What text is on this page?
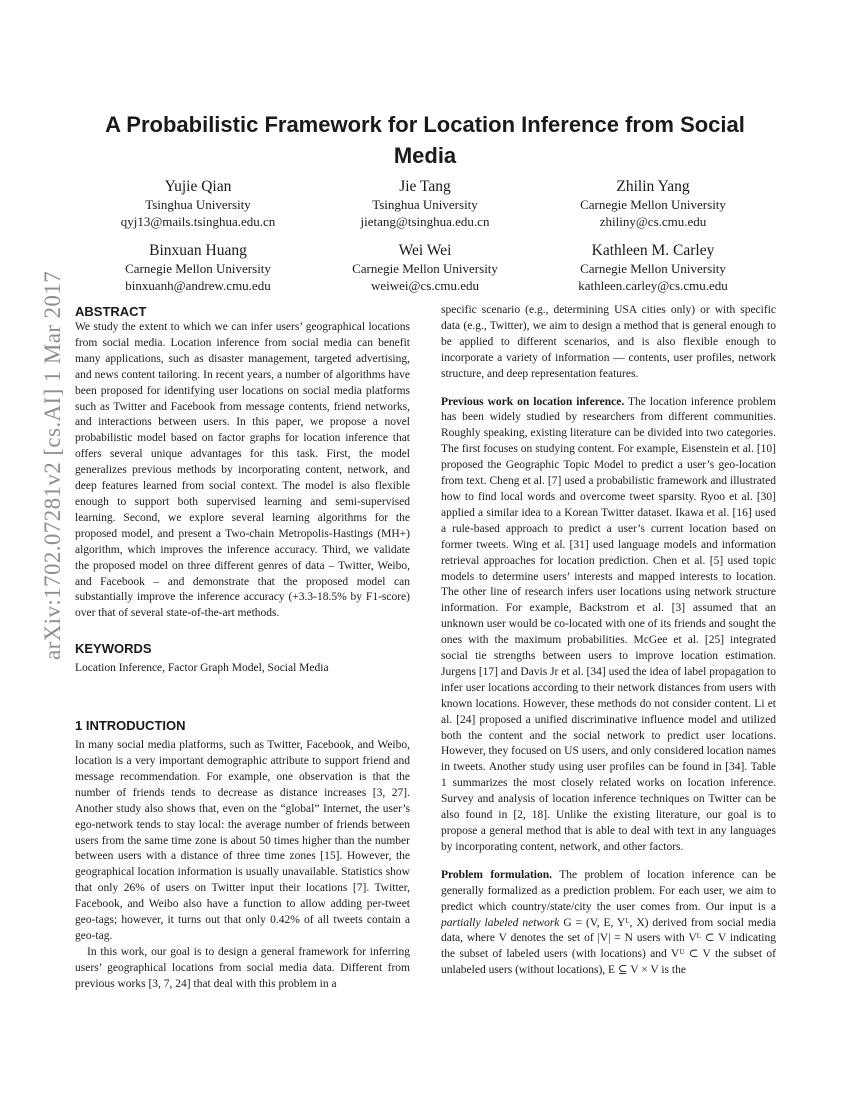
arXiv:1702.07281v2 [cs.AI] 1 Mar 2017
A Probabilistic Framework for Location Inference from Social Media
Yujie Qian
Tsinghua University
qyj13@mails.tsinghua.edu.cn
Jie Tang
Tsinghua University
jietang@tsinghua.edu.cn
Zhilin Yang
Carnegie Mellon University
zhiliny@cs.cmu.edu
Binxuan Huang
Carnegie Mellon University
binxuanh@andrew.cmu.edu
Wei Wei
Carnegie Mellon University
weiwei@cs.cmu.edu
Kathleen M. Carley
Carnegie Mellon University
kathleen.carley@cs.cmu.edu
ABSTRACT

We study the extent to which we can infer users’ geographical locations from social media. Location inference from social media can benefit many applications, such as disaster management, targeted advertising, and news content tailoring. In recent years, a number of algorithms have been proposed for identifying user locations on social media platforms such as Twitter and Facebook from message contents, friend networks, and interactions between users. In this paper, we propose a novel probabilistic model based on factor graphs for location inference that offers several unique advantages for this task. First, the model generalizes previous methods by incorporating content, network, and deep features learned from social context. The model is also flexible enough to support both supervised learning and semi-supervised learning. Second, we explore several learning algorithms for the proposed model, and present a Two-chain Metropolis-Hastings (MH+) algorithm, which improves the inference accuracy. Third, we validate the proposed model on three different genres of data – Twitter, Weibo, and Facebook – and demonstrate that the proposed model can substantially improve the inference accuracy (+3.3-18.5% by F1-score) over that of several state-of-the-art methods.

KEYWORDS

Location Inference, Factor Graph Model, Social Media

1 INTRODUCTION

In many social media platforms, such as Twitter, Facebook, and Weibo, location is a very important demographic attribute to support friend and message recommendation. For example, one observation is that the number of friends tends to decrease as distance increases [3, 27]. Another study also shows that, even on the “global” Internet, the user’s ego-network tends to stay local: the average number of friends between users from the same time zone is about 50 times higher than the number between users with a distance of three time zones [15]. However, the geographical location information is usually unavailable. Statistics show that only 26% of users on Twitter input their locations [7]. Twitter, Facebook, and Weibo also have a function to allow adding per-tweet geo-tags; however, it turns out that only 0.42% of all tweets contain a geo-tag.

In this work, our goal is to design a general framework for inferring users’ geographical locations from social media data. Different from previous works [3, 7, 24] that deal with this problem in a

specific scenario (e.g., determining USA cities only) or with specific data (e.g., Twitter), we aim to design a method that is general enough to be applied to different scenarios, and is also flexible enough to incorporate a variety of information — contents, user profiles, network structure, and deep representation features.

Previous work on location inference. The location inference problem has been widely studied by researchers from different communities. Roughly speaking, existing literature can be divided into two categories. The first focuses on studying content. For example, Eisenstein et al. [10] proposed the Geographic Topic Model to predict a user’s geo-location from text. Cheng et al. [7] used a probabilistic framework and illustrated how to find local words and overcome tweet sparsity. Ryoo et al. [30] applied a similar idea to a Korean Twitter dataset. Ikawa et al. [16] used a rule-based approach to predict a user’s current location based on former tweets. Wing et al. [31] used language models and information retrieval approaches for location prediction. Chen et al. [5] used topic models to determine users’ interests and mapped interests to location. The other line of research infers user locations using network structure information. For example, Backstrom et al. [3] assumed that an unknown user would be co-located with one of its friends and sought the ones with the maximum probabilities. McGee et al. [25] integrated social tie strengths between users to improve location estimation. Jurgens [17] and Davis Jr et al. [34] used the idea of label propagation to infer user locations according to their network distances from users with known locations. However, these methods do not consider content. Li et al. [24] proposed a unified discriminative influence model and utilized both the content and the social network to predict user locations. However, they focused on US users, and only considered location names in tweets. Another study using user profiles can be found in [34]. Table 1 summarizes the most closely related works on location inference. Survey and analysis of location inference techniques on Twitter can be also found in [2, 18]. Unlike the existing literature, our goal is to propose a general method that is able to deal with text in any languages by incorporating content, network, and other factors.

Problem formulation. The problem of location inference can be generally formalized as a prediction problem. For each user, we aim to predict which country/state/city the user comes from. Our input is a partially labeled network G = (V, E, Yᴸ, X) derived from social media data, where V denotes the set of |V| = N users with Vᴸ ⊂ V indicating the subset of labeled users (with locations) and Vᵁ ⊂ V the subset of unlabeled users (without locations), E ⊆ V × V is the
